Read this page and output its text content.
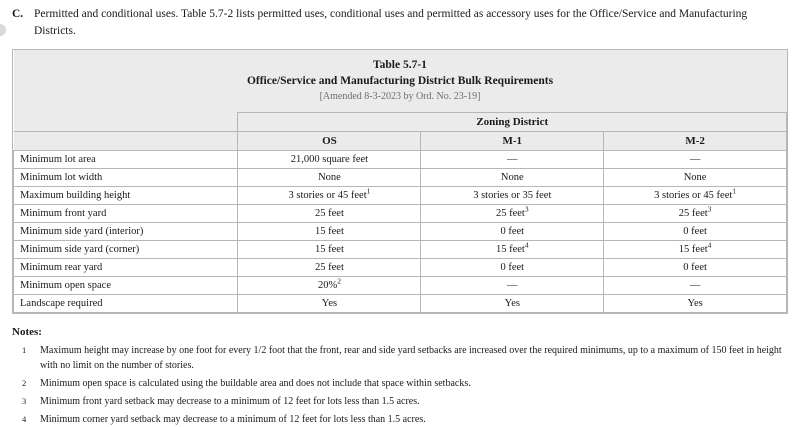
C. Permitted and conditional uses. Table 5.7-2 lists permitted uses, conditional uses and permitted as accessory uses for the Office/Service and Manufacturing Districts.
Table 5.7-1
Office/Service and Manufacturing District Bulk Requirements
[Amended 8-3-2023 by Ord. No. 23-19]			

	Zoning District		
	OS	M-1	M-2
Minimum lot area	21,000 square feet	—	—
Minimum lot width	None	None	None
Maximum building height	3 stories or 45 feet$^1$	3 stories or 35 feet	3 stories or 45 feet$^1$
Minimum front yard	25 feet	25 feet$^3$	25 feet$^3$
Minimum side yard (interior)	15 feet	0 feet	0 feet
Minimum side yard (corner)	15 feet	15 feet$^4$	15 feet$^4$
Minimum rear yard	25 feet	0 feet	0 feet
Minimum open space	20%$^2$	—	—
Landscape required	Yes	Yes	Yes
Notes:
1	Maximum height may increase by one foot for every 1/2 foot that the front, rear and side yard setbacks are increased over the required minimums, up to a maximum of 150 feet in height with no limit on the number of stories.
2	Minimum open space is calculated using the buildable area and does not include that space within setbacks.
3	Minimum front yard setback may decrease to a minimum of 12 feet for lots less than 1.5 acres.
4	Minimum corner yard setback may decrease to a minimum of 12 feet for lots less than 1.5 acres.
